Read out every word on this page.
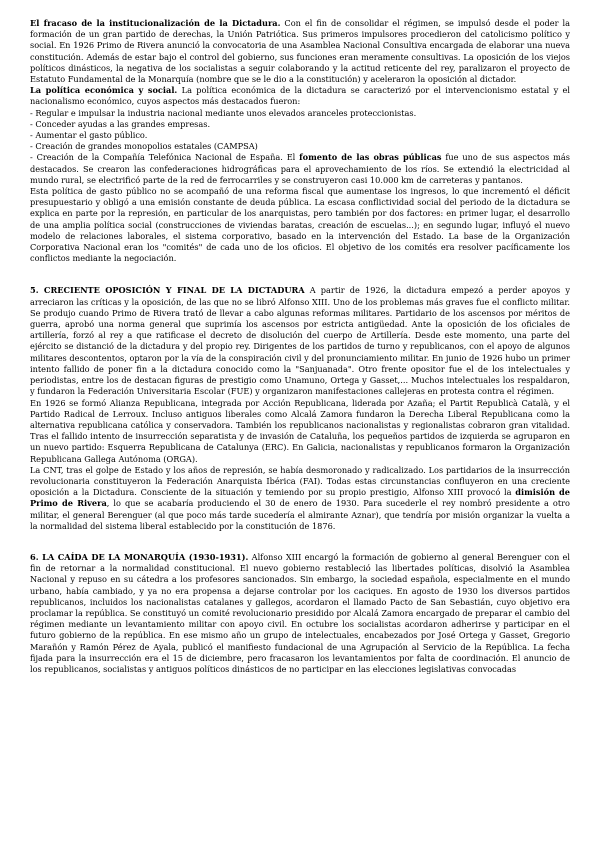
El fracaso de la institucionalización de la Dictadura. Con el fin de consolidar el régimen, se impulsó desde el poder la formación de un gran partido de derechas, la Unión Patriótica. Sus primeros impulsores procedieron del catolicismo político y social. En 1926 Primo de Rivera anunció la convocatoria de una Asamblea Nacional Consultiva encargada de elaborar una nueva constitución. Además de estar bajo el control del gobierno, sus funciones eran meramente consultivas. La oposición de los viejos políticos dinásticos, la negativa de los socialistas a seguir colaborando y la actitud reticente del rey, paralizaron el proyecto de Estatuto Fundamental de la Monarquía (nombre que se le dio a la constitución) y aceleraron la oposición al dictador.

La política económica y social. La política económica de la dictadura se caracterizó por el intervencionismo estatal y el nacionalismo económico, cuyos aspectos más destacados fueron:

- Regular e impulsar la industria nacional mediante unos elevados aranceles proteccionistas.

- Conceder ayudas a las grandes empresas.

- Aumentar el gasto público.

- Creación de grandes monopolios estatales (CAMPSA)

- Creación de la Compañía Telefónica Nacional de España. El fomento de las obras públicas fue uno de sus aspectos más destacados. Se crearon las confederaciones hidrográficas para el aprovechamiento de los ríos. Se extendió la electricidad al mundo rural, se electrificó parte de la red de ferrocarriles y se construyeron casi 10.000 km de carreteras y pantanos.

Esta política de gasto público no se acompañó de una reforma fiscal que aumentase los ingresos, lo que incrementó el déficit presupuestario y obligó a una emisión constante de deuda pública. La escasa conflictividad social del periodo de la dictadura se explica en parte por la represión, en particular de los anarquistas, pero también por dos factores: en primer lugar, el desarrollo de una amplia política social (construcciones de viviendas baratas, creación de escuelas...); en segundo lugar, influyó el nuevo modelo de relaciones laborales, el sistema corporativo, basado en la intervención del Estado. La base de la Organización Corporativa Nacional eran los "comités" de cada uno de los oficios. El objetivo de los comités era resolver pacíficamente los conflictos mediante la negociación.

5. CRECIENTE OPOSICIÓN Y FINAL DE LA DICTADURA A partir de 1926, la dictadura empezó a perder apoyos y arreciaron las críticas y la oposición, de las que no se libró Alfonso XIII. Uno de los problemas más graves fue el conflicto militar. Se produjo cuando Primo de Rivera trató de llevar a cabo algunas reformas militares. Partidario de los ascensos por méritos de guerra, aprobó una norma general que suprimía los ascensos por estricta antigüedad. Ante la oposición de los oficiales de artillería, forzó al rey a que ratificase el decreto de disolución del cuerpo de Artillería. Desde este momento, una parte del ejército se distanció de la dictadura y del propio rey. Dirigentes de los partidos de turno y republicanos, con el apoyo de algunos militares descontentos, optaron por la vía de la conspiración civil y del pronunciamiento militar. En junio de 1926 hubo un primer intento fallido de poner fin a la dictadura conocido como la "Sanjuanada". Otro frente opositor fue el de los intelectuales y periodistas, entre los de destacan figuras de prestigio como Unamuno, Ortega y Gasset,... Muchos intelectuales los respaldaron, y fundaron la Federación Universitaria Escolar (FUE) y organizaron manifestaciones callejeras en protesta contra el régimen.

En 1926 se formó Alianza Republicana, integrada por Acción Republicana, liderada por Azaña; el Partit Republicà Català, y el Partido Radical de Lerroux. Incluso antiguos liberales como Alcalá Zamora fundaron la Derecha Liberal Republicana como la alternativa republicana católica y conservadora. También los republicanos nacionalistas y regionalistas cobraron gran vitalidad. Tras el fallido intento de insurrección separatista y de invasión de Cataluña, los pequeños partidos de izquierda se agruparon en un nuevo partido: Esquerra Republicana de Catalunya (ERC). En Galicia, nacionalistas y republicanos formaron la Organización Republicana Gallega Autónoma (ORGA).

La CNT, tras el golpe de Estado y los años de represión, se había desmoronado y radicalizado. Los partidarios de la insurrección revolucionaria constituyeron la Federación Anarquista Ibérica (FAI). Todas estas circunstancias confluyeron en una creciente oposición a la Dictadura. Consciente de la situación y temiendo por su propio prestigio, Alfonso XIII provocó la dimisión de Primo de Rivera, lo que se acabaría produciendo el 30 de enero de 1930. Para sucederle el rey nombró presidente a otro militar, el general Berenguer (al que poco más tarde sucedería el almirante Aznar), que tendría por misión organizar la vuelta a la normalidad del sistema liberal establecido por la constitución de 1876.

6. LA CAÍDA DE LA MONARQUÍA (1930-1931). Alfonso XIII encargó la formación de gobierno al general Berenguer con el fin de retornar a la normalidad constitucional. El nuevo gobierno restableció las libertades políticas, disolvió la Asamblea Nacional y repuso en su cátedra a los profesores sancionados. Sin embargo, la sociedad española, especialmente en el mundo urbano, había cambiado, y ya no era propensa a dejarse controlar por los caciques. En agosto de 1930 los diversos partidos republicanos, incluidos los nacionalistas catalanes y gallegos, acordaron el llamado Pacto de San Sebastián, cuyo objetivo era proclamar la república. Se constituyó un comité revolucionario presidido por Alcalá Zamora encargado de preparar el cambio del régimen mediante un levantamiento militar con apoyo civil. En octubre los socialistas acordaron adherirse y participar en el futuro gobierno de la república. En ese mismo año un grupo de intelectuales, encabezados por José Ortega y Gasset, Gregorio Marañón y Ramón Pérez de Ayala, publicó el manifiesto fundacional de una Agrupación al Servicio de la República. La fecha fijada para la insurrección era el 15 de diciembre, pero fracasaron los levantamientos por falta de coordinación. El anuncio de los republicanos, socialistas y antiguos políticos dinásticos de no participar en las elecciones legislativas convocadas
